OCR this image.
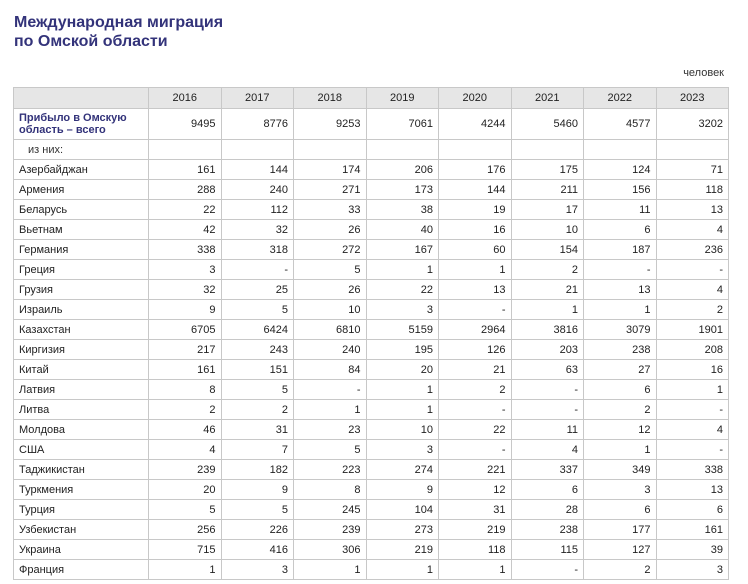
Международная миграция
по Омской области
человек
	2016	2017	2018	2019	2020	2021	2022	2023
Прибыло в Омскую область – всего	9495	8776	9253	7061	4244	5460	4577	3202
из них:								
Азербайджан	161	144	174	206	176	175	124	71
Армения	288	240	271	173	144	211	156	118
Беларусь	22	112	33	38	19	17	11	13
Вьетнам	42	32	26	40	16	10	6	4
Германия	338	318	272	167	60	154	187	236
Греция	3	-	5	1	1	2	-	-
Грузия	32	25	26	22	13	21	13	4
Израиль	9	5	10	3	-	1	1	2
Казахстан	6705	6424	6810	5159	2964	3816	3079	1901
Киргизия	217	243	240	195	126	203	238	208
Китай	161	151	84	20	21	63	27	16
Латвия	8	5	-	1	2	-	6	1
Литва	2	2	1	1	-	-	2	-
Молдова	46	31	23	10	22	11	12	4
США	4	7	5	3	-	4	1	-
Таджикистан	239	182	223	274	221	337	349	338
Туркмения	20	9	8	9	12	6	3	13
Турция	5	5	245	104	31	28	6	6
Узбекистан	256	226	239	273	219	238	177	161
Украина	715	416	306	219	118	115	127	39
Франция	1	3	1	1	1	-	2	3
